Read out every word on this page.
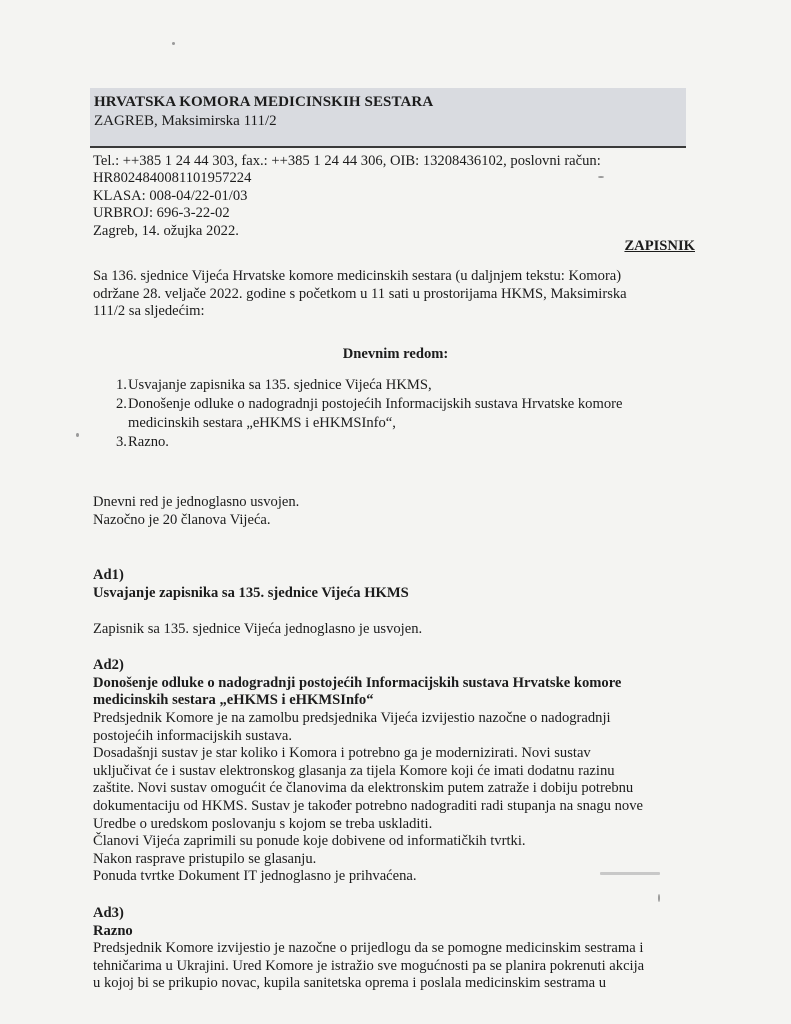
HRVATSKA KOMORA MEDICINSKIH SESTARA
ZAGREB, Maksimirska 111/2
Tel.: ++385 1 24 44 303, fax.: ++385 1 24 44 306, OIB: 13208436102, poslovni račun:
HR8024840081101957224
KLASA: 008-04/22-01/03
URBROJ: 696-3-22-02
Zagreb, 14. ožujka 2022.
ZAPISNIK
Sa 136. sjednice Vijeća Hrvatske komore medicinskih sestara (u daljnjem tekstu: Komora)
održane 28. veljače 2022. godine s početkom u 11 sati u prostorijama HKMS, Maksimirska
111/2 sa sljedećim:
Dnevnim redom:
1. Usvajanje zapisnika sa 135. sjednice Vijeća HKMS,
2. Donošenje odluke o nadogradnji postojećih Informacijskih sustava Hrvatske komore
medicinskih sestara „eHKMS i eHKMSInfo“,
3. Razno.
Dnevni red je jednoglasno usvojen.
Nazočno je 20 članova Vijeća.
Ad1)
Usvajanje zapisnika sa 135. sjednice Vijeća HKMS
Zapisnik sa 135. sjednice Vijeća jednoglasno je usvojen.
Ad2)
Donošenje odluke o nadogradnji postojećih Informacijskih sustava Hrvatske komore
medicinskih sestara „eHKMS i eHKMSInfo“
Predsjednik Komore je na zamolbu predsjednika Vijeća izvijestio nazočne o nadogradnji
postojećih informacijskih sustava.
Dosadašnji sustav je star koliko i Komora i potrebno ga je modernizirati. Novi sustav
uključivat će i sustav elektronskog glasanja za tijela Komore koji će imati dodatnu razinu
zaštite. Novi sustav omogućit će članovima da elektronskim putem zatraže i dobiju potrebnu
dokumentaciju od HKMS. Sustav je također potrebno nadograditi radi stupanja na snagu nove
Uredbe o uredskom poslovanju s kojom se treba uskladiti.
Članovi Vijeća zaprimili su ponude koje dobivene od informatičkih tvrtki.
Nakon rasprave pristupilo se glasanju.
Ponuda tvrtke Dokument IT jednoglasno je prihvaćena.
Ad3)
Razno
Predsjednik Komore izvijestio je nazočne o prijedlogu da se pomogne medicinskim sestrama i
tehničarima u Ukrajini. Ured Komore je istražio sve mogućnosti pa se planira pokrenuti akcija
u kojoj bi se prikupio novac, kupila sanitetska oprema i poslala medicinskim sestrama u
